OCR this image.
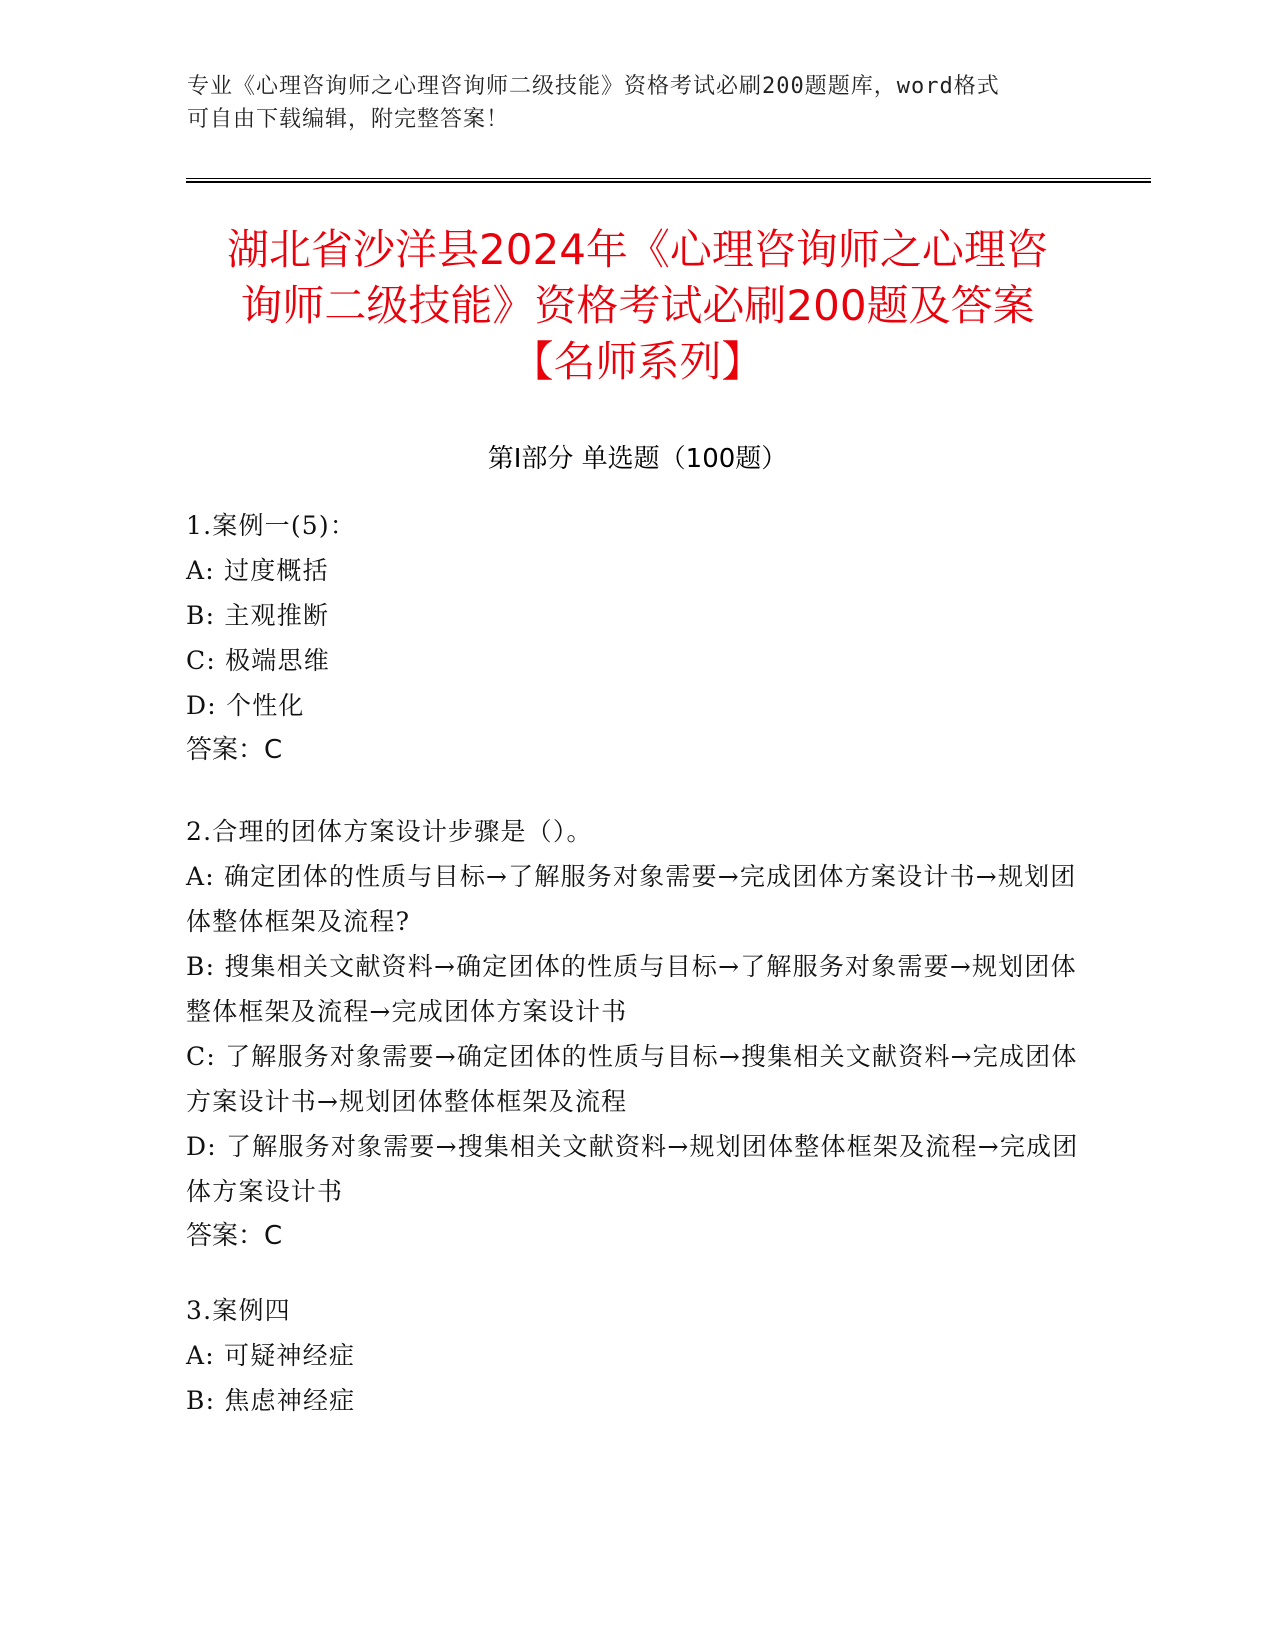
专业《心理咨询师之心理咨询师二级技能》资格考试必刷200题题库，word格式
可自由下载编辑，附完整答案！
湖北省沙洋县2024年《心理咨询师之心理咨
询师二级技能》资格考试必刷200题及答案
【名师系列】
第Ⅰ部分 单选题（100题）
1.案例一(5)：
A: 过度概括
B: 主观推断
C: 极端思维
D: 个性化
答案：C
2.合理的团体方案设计步骤是（）。
A: 确定团体的性质与目标→了解服务对象需要→完成团体方案设计书→规划团体整体框架及流程?
B: 搜集相关文献资料→确定团体的性质与目标→了解服务对象需要→规划团体整体框架及流程→完成团体方案设计书
C: 了解服务对象需要→确定团体的性质与目标→搜集相关文献资料→完成团体方案设计书→规划团体整体框架及流程
D: 了解服务对象需要→搜集相关文献资料→规划团体整体框架及流程→完成团体方案设计书
答案：C
3.案例四
A: 可疑神经症
B: 焦虑神经症
